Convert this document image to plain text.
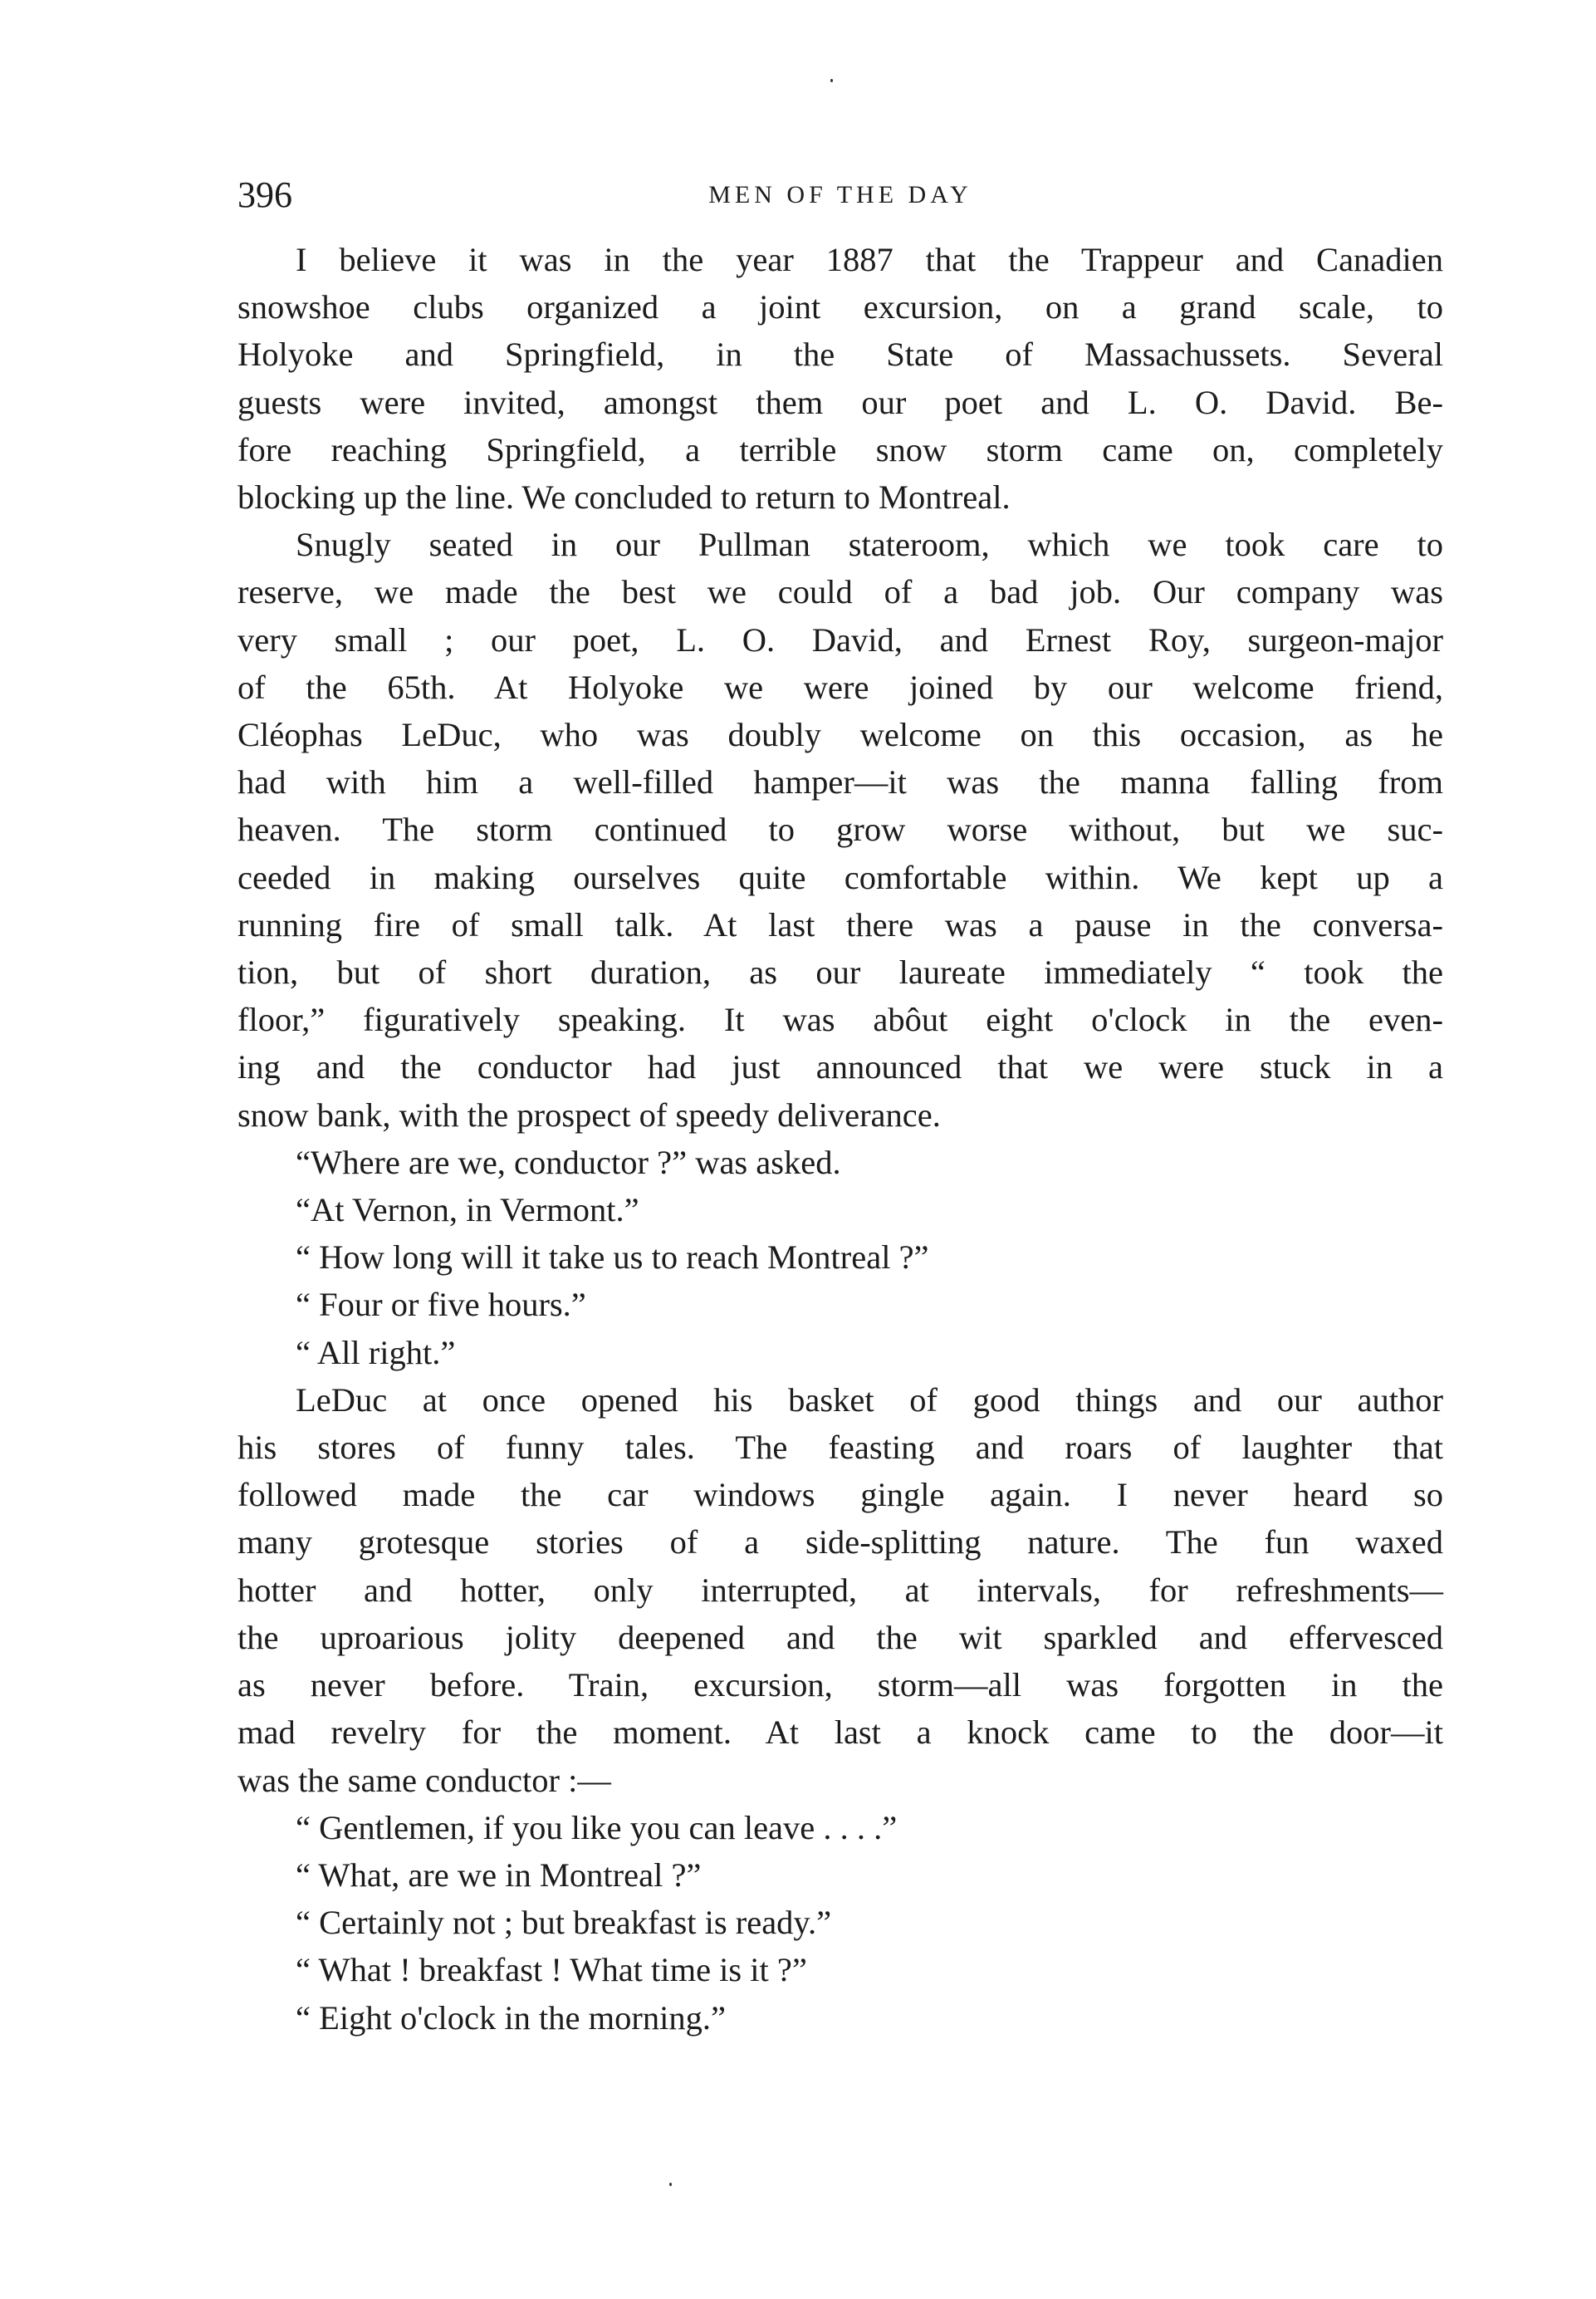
396	MEN OF THE DAY

I believe it was in the year 1887 that the Trappeur and Canadien
snowshoe clubs organized a joint excursion, on a grand scale, to
Holyoke and Springfield, in the State of Massachussets. Several
guests were invited, amongst them our poet and L. O. David. Be-
fore reaching Springfield, a terrible snow storm came on, completely
blocking up the line. We concluded to return to Montreal.

Snugly seated in our Pullman stateroom, which we took care to
reserve, we made the best we could of a bad job. Our company was
very small ; our poet, L. O. David, and Ernest Roy, surgeon-major
of the 65th. At Holyoke we were joined by our welcome friend,
Cléophas LeDuc, who was doubly welcome on this occasion, as he
had with him a well-filled hamper—it was the manna falling from
heaven. The storm continued to grow worse without, but we suc-
ceeded in making ourselves quite comfortable within. We kept up a
running fire of small talk. At last there was a pause in the conversa-
tion, but of short duration, as our laureate immediately “ took the
floor,” figuratively speaking. It was abôut eight o'clock in the even-
ing and the conductor had just announced that we were stuck in a
snow bank, with the prospect of speedy deliverance.

“Where are we, conductor ?” was asked.
“At Vernon, in Vermont.”
“ How long will it take us to reach Montreal ?”
“ Four or five hours.”
“ All right.”

LeDuc at once opened his basket of good things and our author
his stores of funny tales. The feasting and roars of laughter that
followed made the car windows gingle again. I never heard so
many grotesque stories of a side-splitting nature. The fun waxed
hotter and hotter, only interrupted, at intervals, for refreshments—
the uproarious jolity deepened and the wit sparkled and effervesced
as never before. Train, excursion, storm—all was forgotten in the
mad revelry for the moment. At last a knock came to the door—it
was the same conductor :—

“ Gentlemen, if you like you can leave . . . .”
“ What, are we in Montreal ?”
“ Certainly not ; but breakfast is ready.”
“ What ! breakfast ! What time is it ?”
“ Eight o'clock in the morning.”
